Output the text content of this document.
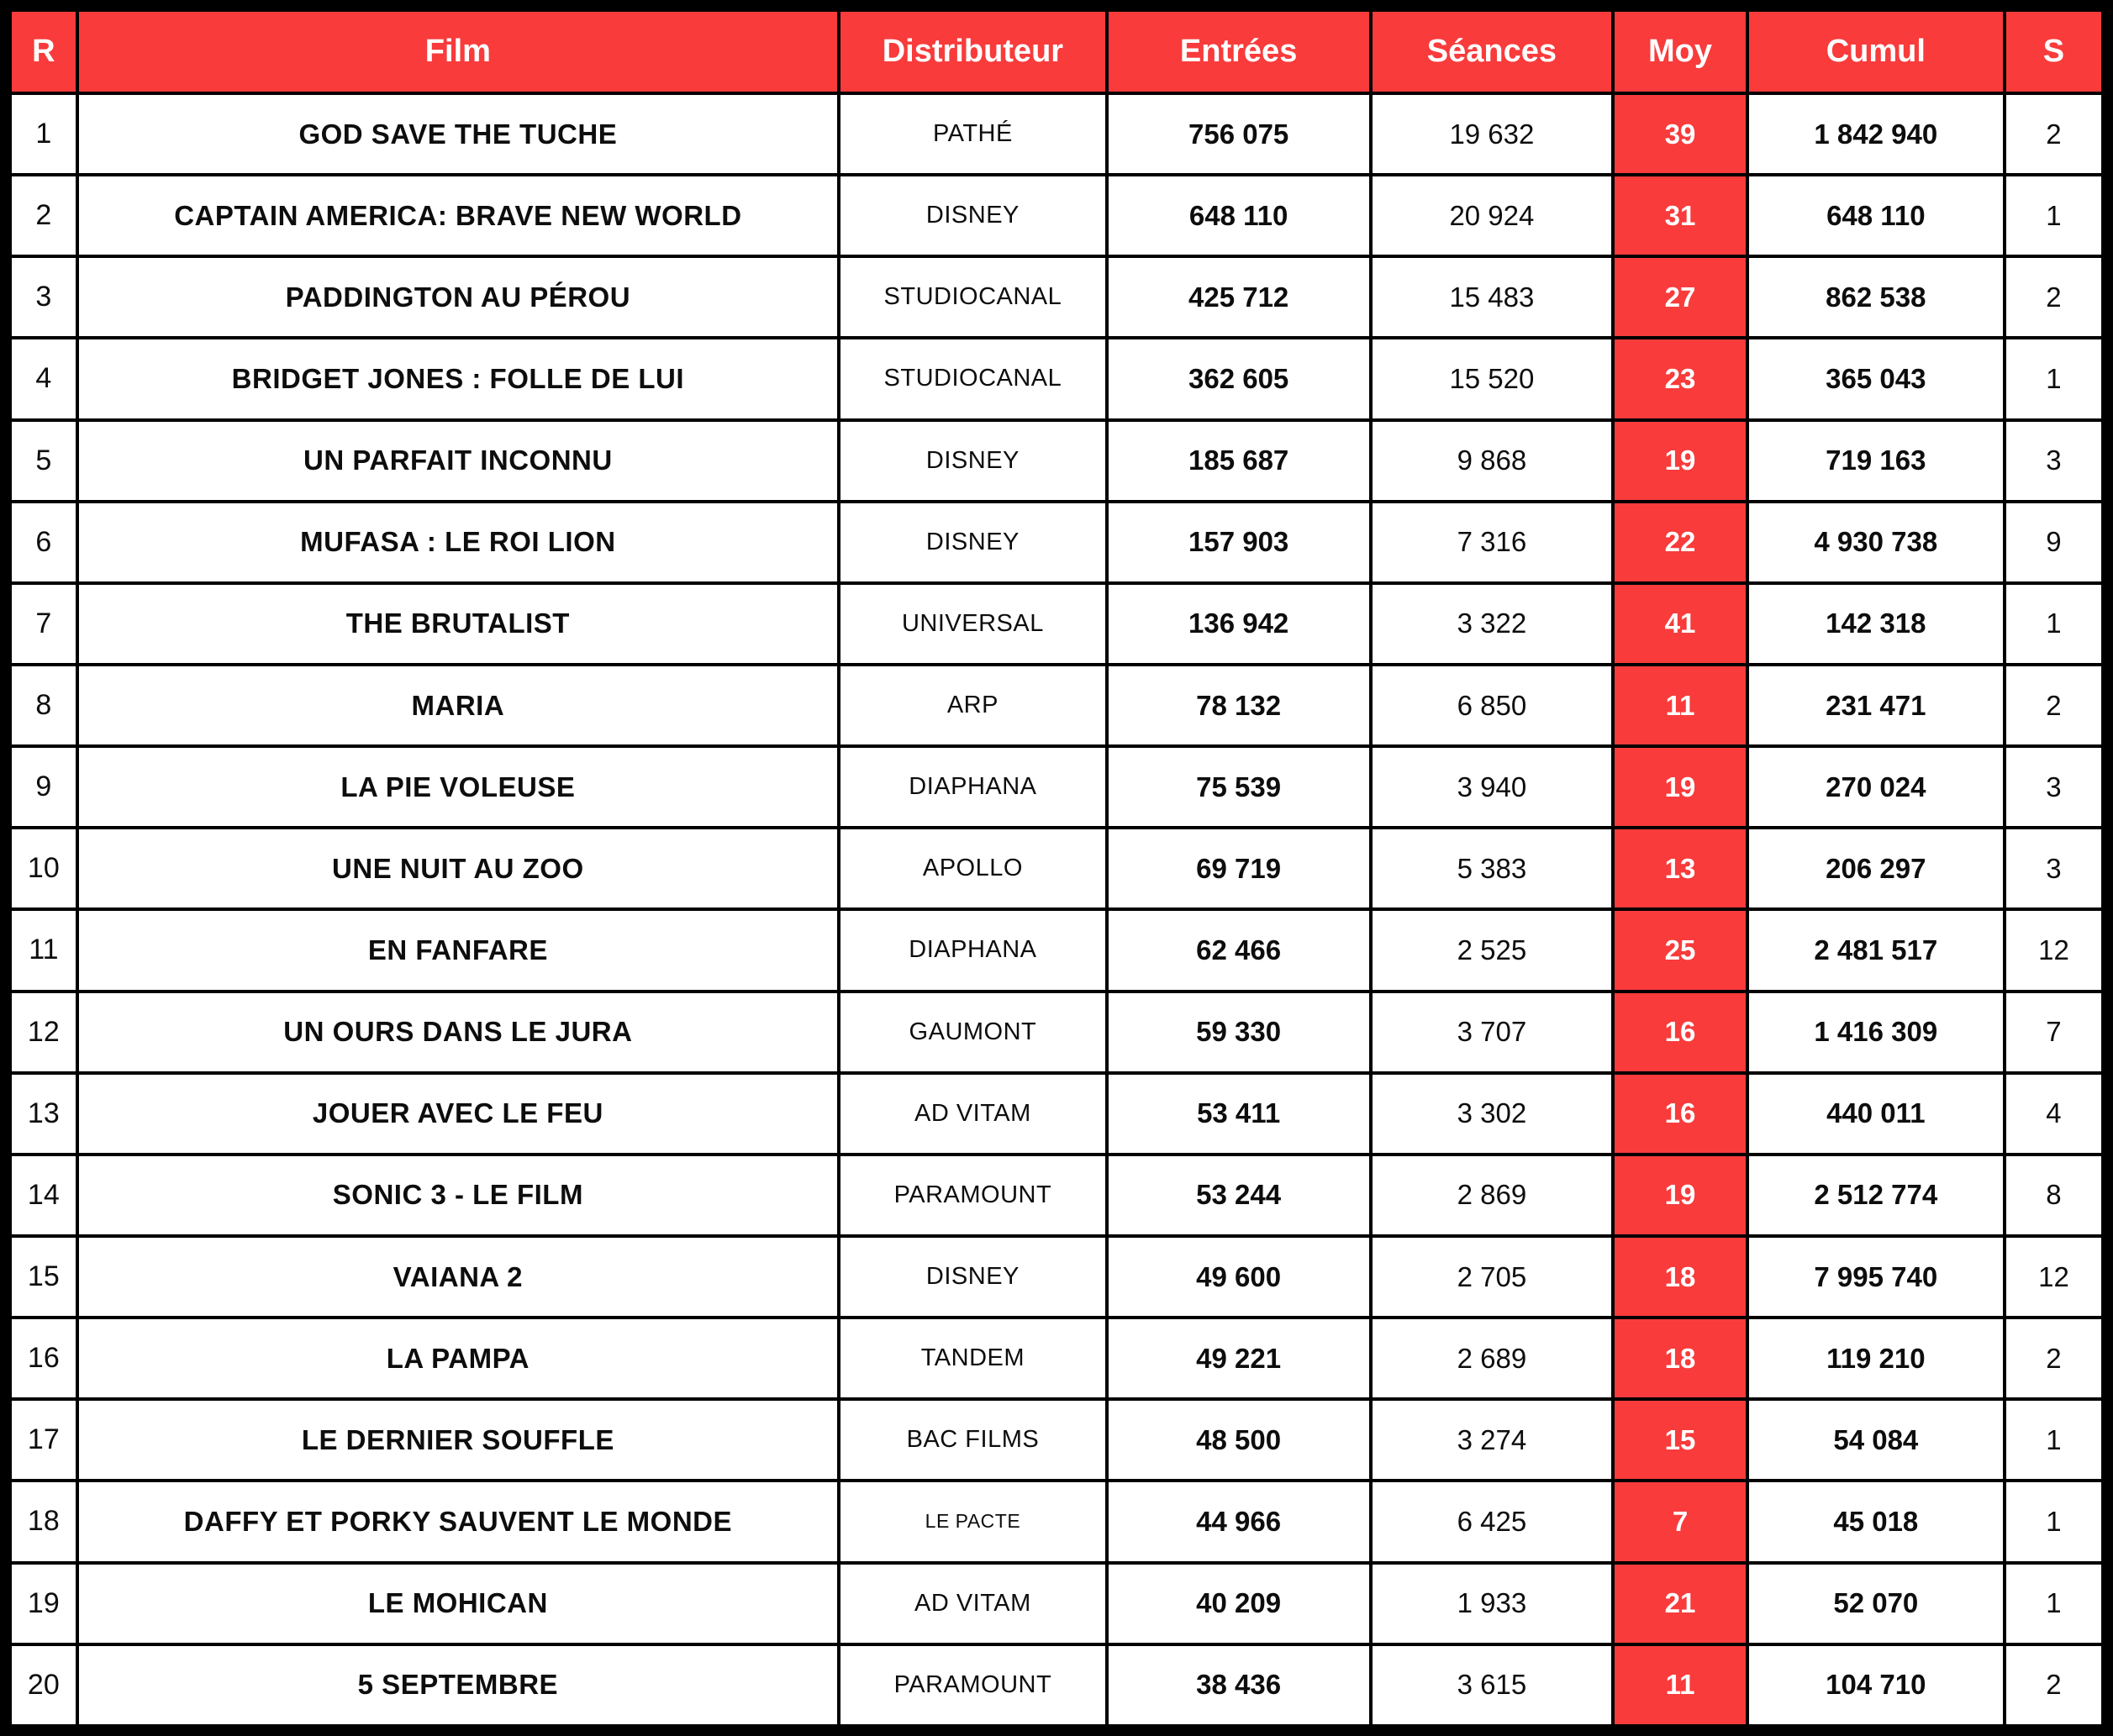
R	Film	Distributeur	Entrées	Séances	Moy	Cumul	S
1	GOD SAVE THE TUCHE	PATHÉ	756 075	19 632	39	1 842 940	2
2	CAPTAIN AMERICA: BRAVE NEW WORLD	DISNEY	648 110	20 924	31	648 110	1
3	PADDINGTON AU PÉROU	STUDIOCANAL	425 712	15 483	27	862 538	2
4	BRIDGET JONES : FOLLE DE LUI	STUDIOCANAL	362 605	15 520	23	365 043	1
5	UN PARFAIT INCONNU	DISNEY	185 687	9 868	19	719 163	3
6	MUFASA : LE ROI LION	DISNEY	157 903	7 316	22	4 930 738	9
7	THE BRUTALIST	UNIVERSAL	136 942	3 322	41	142 318	1
8	MARIA	ARP	78 132	6 850	11	231 471	2
9	LA PIE VOLEUSE	DIAPHANA	75 539	3 940	19	270 024	3
10	UNE NUIT AU ZOO	APOLLO	69 719	5 383	13	206 297	3
11	EN FANFARE	DIAPHANA	62 466	2 525	25	2 481 517	12
12	UN OURS DANS LE JURA	GAUMONT	59 330	3 707	16	1 416 309	7
13	JOUER AVEC LE FEU	AD VITAM	53 411	3 302	16	440 011	4
14	SONIC 3 - LE FILM	PARAMOUNT	53 244	2 869	19	2 512 774	8
15	VAIANA 2	DISNEY	49 600	2 705	18	7 995 740	12
16	LA PAMPA	TANDEM	49 221	2 689	18	119 210	2
17	LE DERNIER SOUFFLE	BAC FILMS	48 500	3 274	15	54 084	1
18	DAFFY ET PORKY SAUVENT LE MONDE	LE PACTE	44 966	6 425	7	45 018	1
19	LE MOHICAN	AD VITAM	40 209	1 933	21	52 070	1
20	5 SEPTEMBRE	PARAMOUNT	38 436	3 615	11	104 710	2
